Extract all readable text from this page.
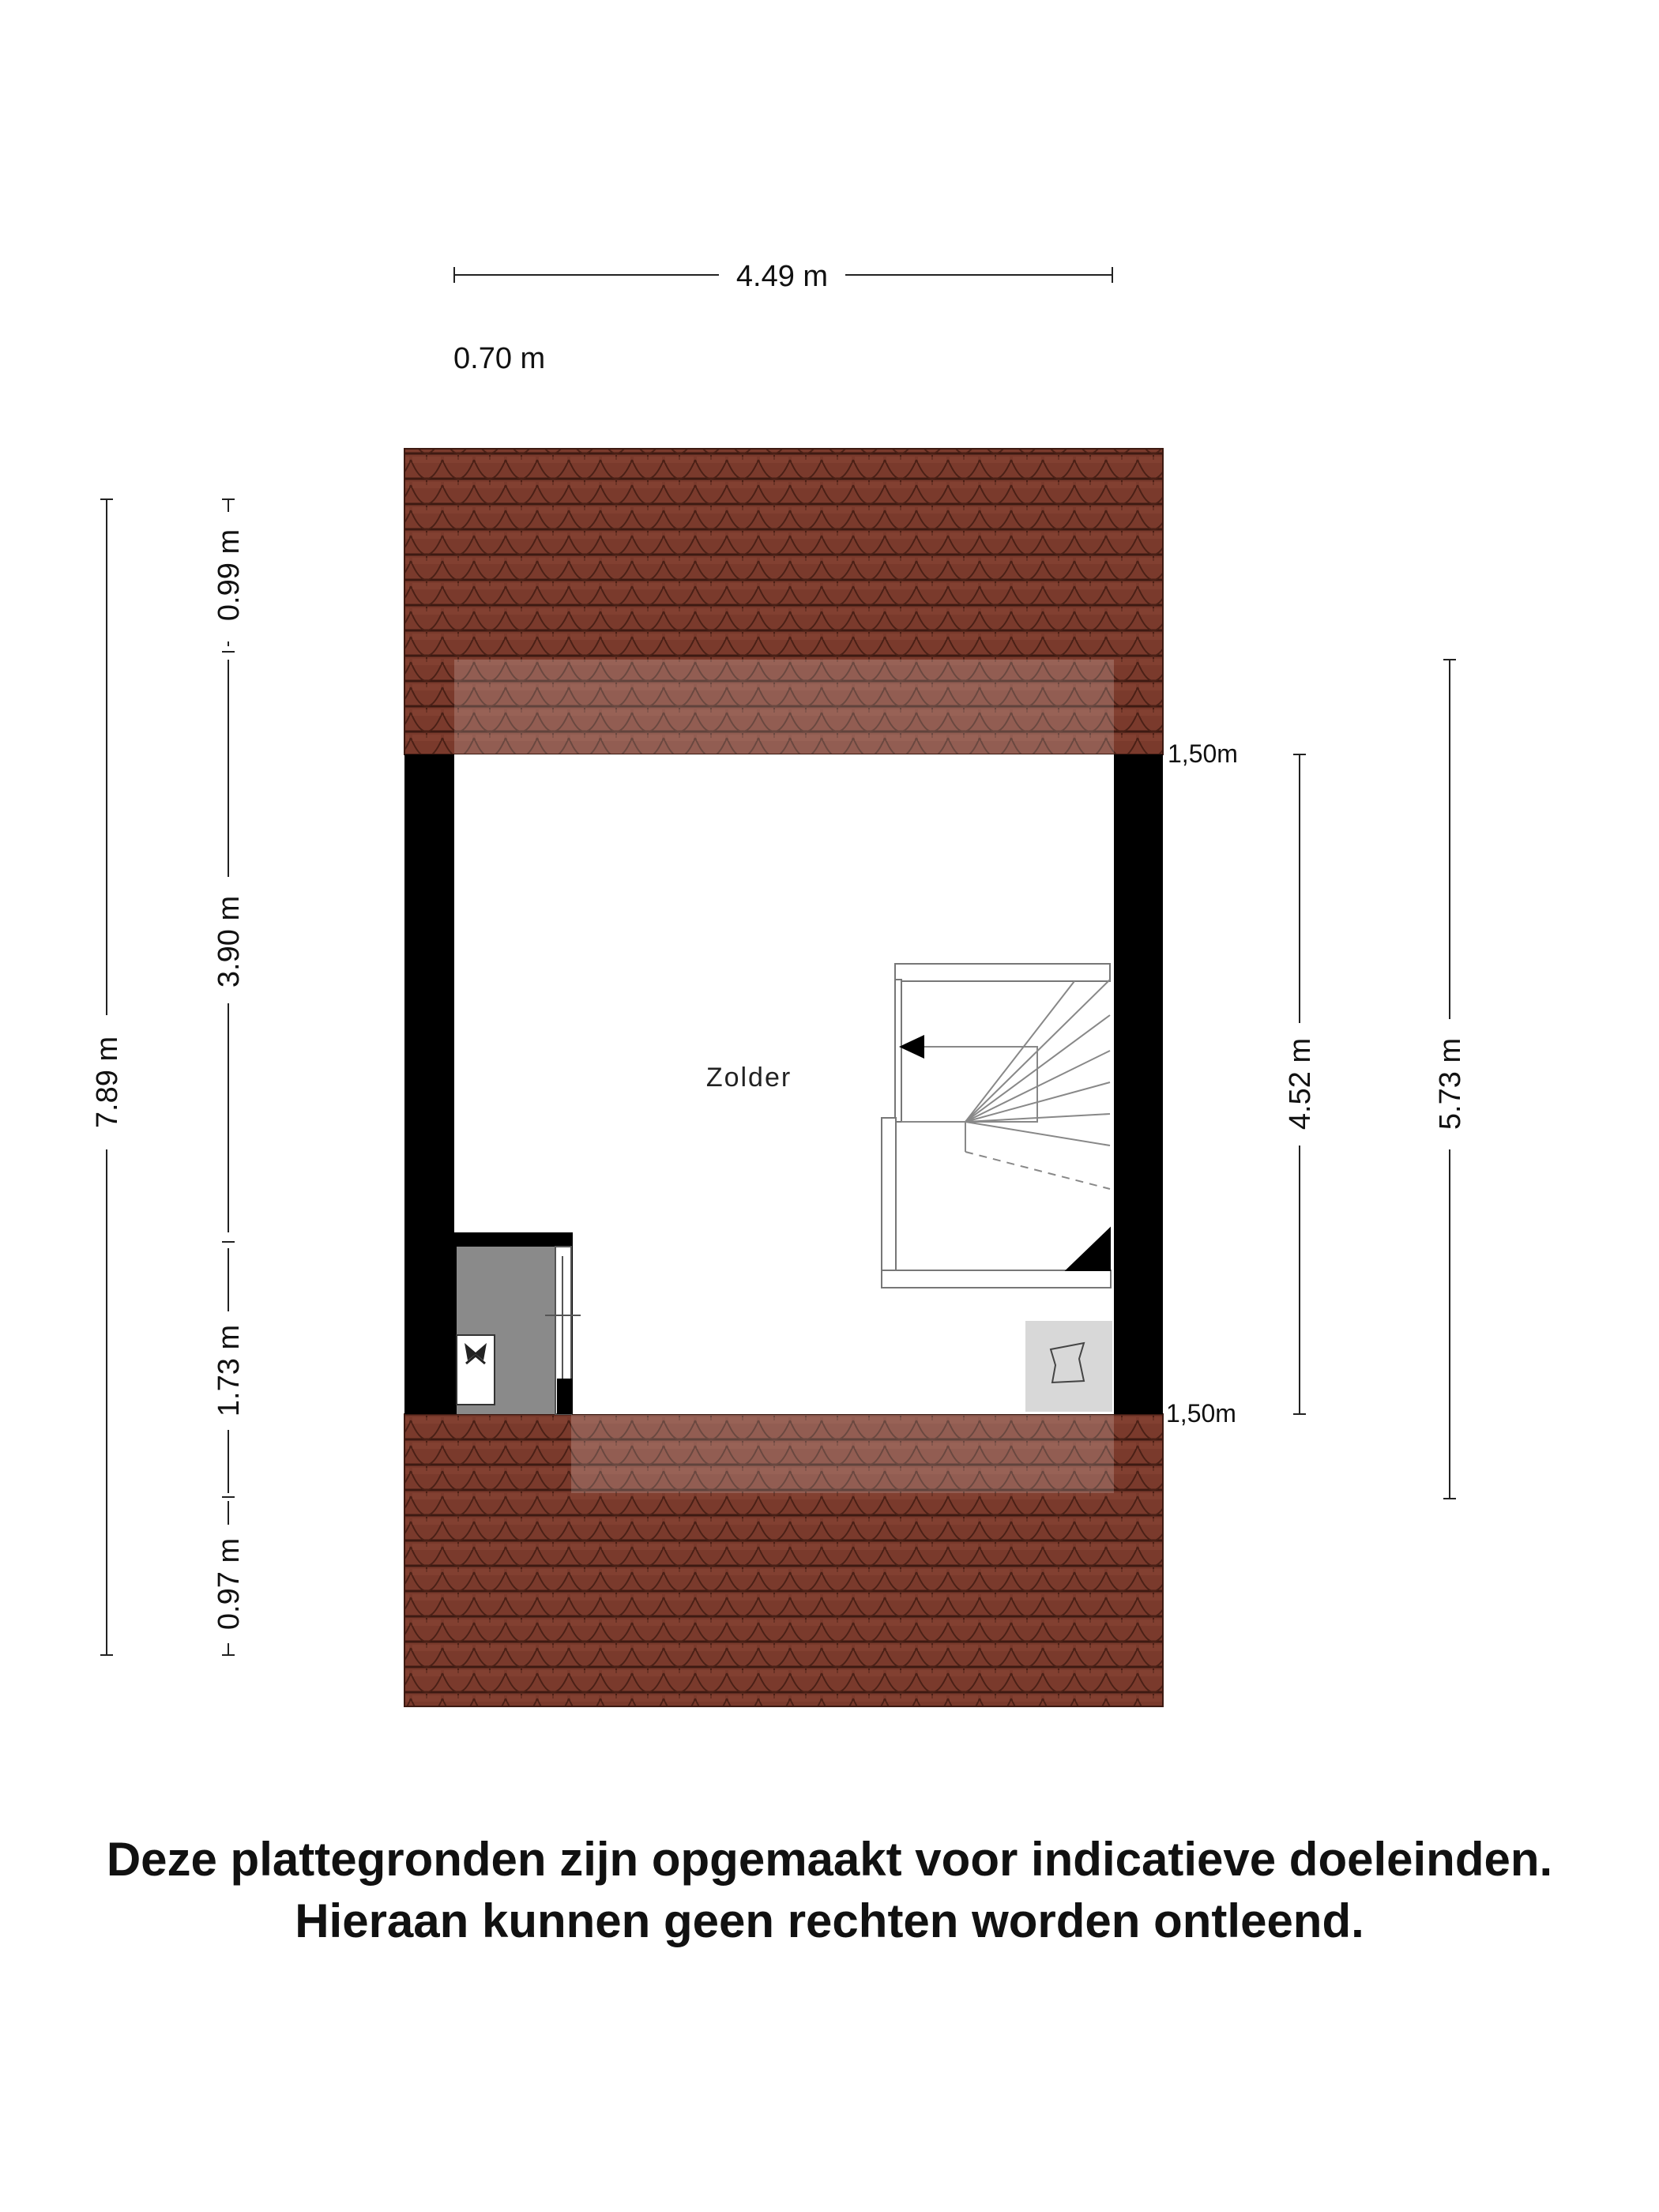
Zolder
4.49 m
0.70 m
7.89 m
0.99 m
3.90 m
1.73 m
0.97 m
4.52 m	5.73 m
1,50m
1,50m
Deze plattegronden zijn opgemaakt voor indicatieve doeleinden.
Hieraan kunnen geen rechten worden ontleend.
